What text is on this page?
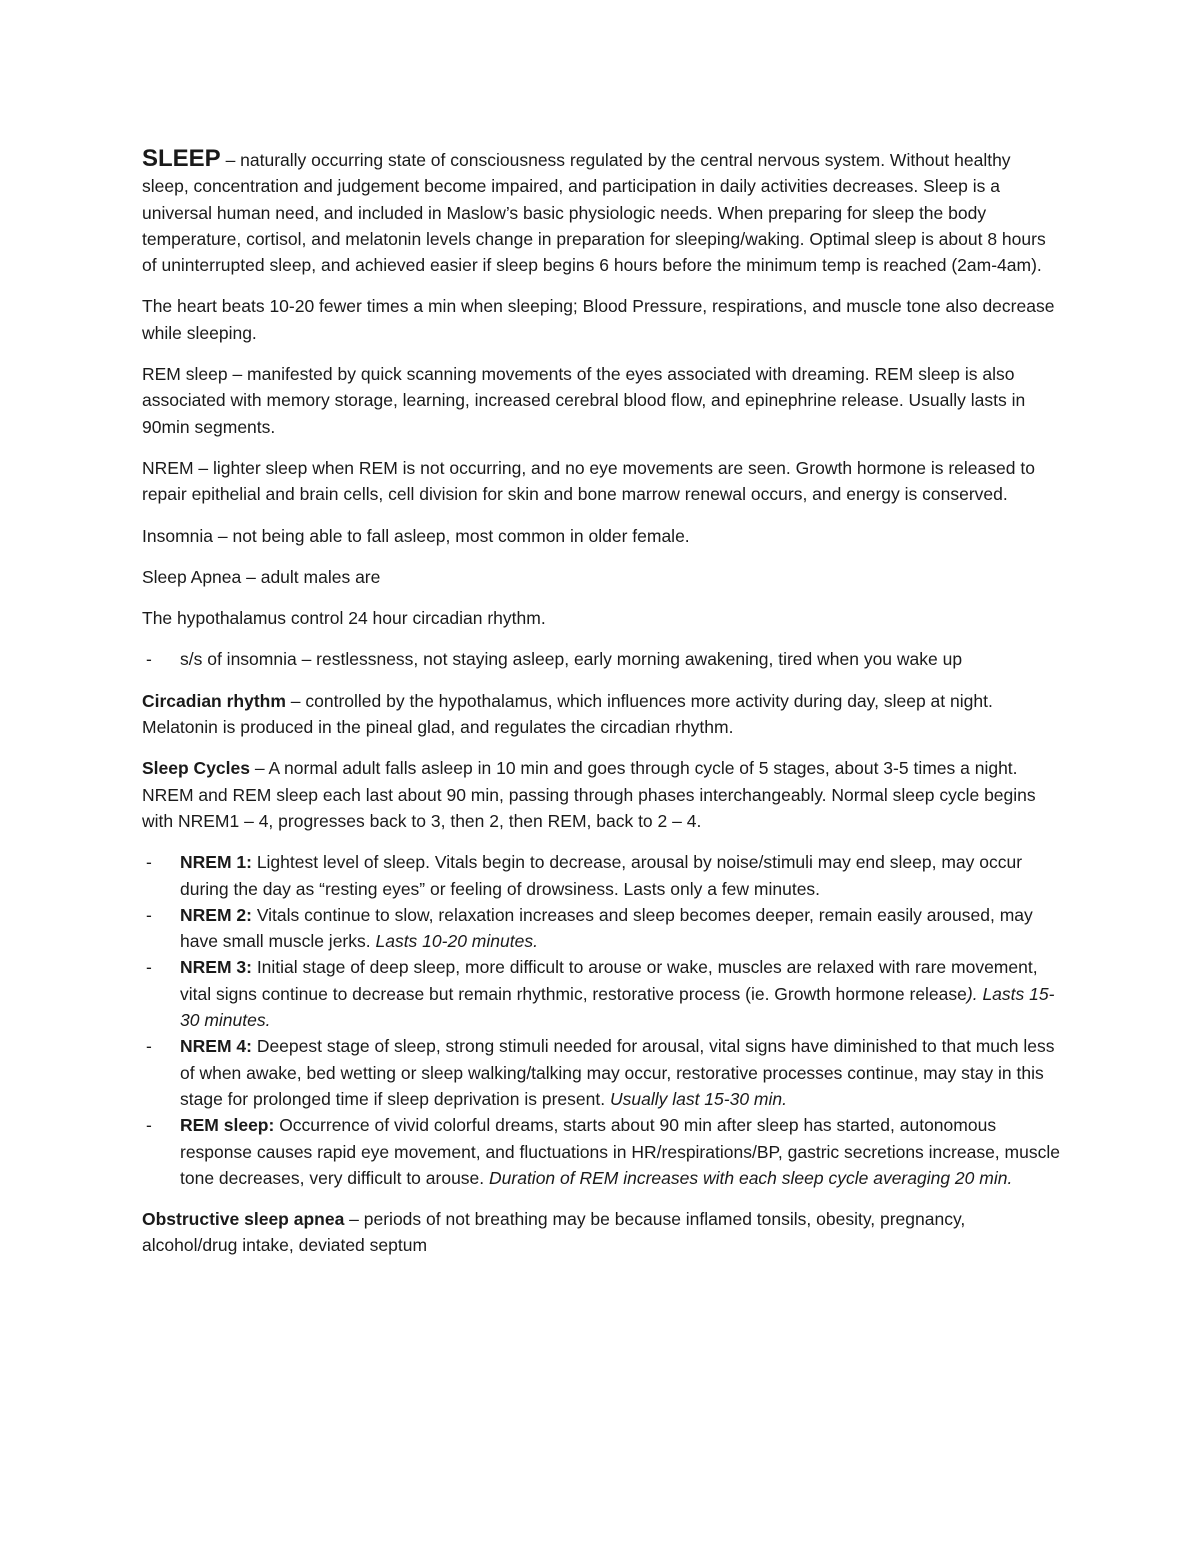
SLEEP – naturally occurring state of consciousness regulated by the central nervous system. Without healthy sleep, concentration and judgement become impaired, and participation in daily activities decreases. Sleep is a universal human need, and included in Maslow’s basic physiologic needs. When preparing for sleep the body temperature, cortisol, and melatonin levels change in preparation for sleeping/waking. Optimal sleep is about 8 hours of uninterrupted sleep, and achieved easier if sleep begins 6 hours before the minimum temp is reached (2am-4am).

The heart beats 10-20 fewer times a min when sleeping; Blood Pressure, respirations, and muscle tone also decrease while sleeping.

REM sleep – manifested by quick scanning movements of the eyes associated with dreaming. REM sleep is also associated with memory storage, learning, increased cerebral blood flow, and epinephrine release. Usually lasts in 90min segments.

NREM – lighter sleep when REM is not occurring, and no eye movements are seen. Growth hormone is released to repair epithelial and brain cells, cell division for skin and bone marrow renewal occurs, and energy is conserved.

Insomnia – not being able to fall asleep, most common in older female.

Sleep Apnea – adult males are

The hypothalamus control 24 hour circadian rhythm.

- s/s of insomnia – restlessness, not staying asleep, early morning awakening, tired when you wake up

Circadian rhythm – controlled by the hypothalamus, which influences more activity during day, sleep at night. Melatonin is produced in the pineal glad, and regulates the circadian rhythm.

Sleep Cycles – A normal adult falls asleep in 10 min and goes through cycle of 5 stages, about 3-5 times a night. NREM and REM sleep each last about 90 min, passing through phases interchangeably. Normal sleep cycle begins with NREM1 – 4, progresses back to 3, then 2, then REM, back to 2 – 4.

- NREM 1: Lightest level of sleep. Vitals begin to decrease, arousal by noise/stimuli may end sleep, may occur during the day as “resting eyes” or feeling of drowsiness. Lasts only a few minutes.
- NREM 2: Vitals continue to slow, relaxation increases and sleep becomes deeper, remain easily aroused, may have small muscle jerks. Lasts 10-20 minutes.
- NREM 3: Initial stage of deep sleep, more difficult to arouse or wake, muscles are relaxed with rare movement, vital signs continue to decrease but remain rhythmic, restorative process (ie. Growth hormone release). Lasts 15-30 minutes.
- NREM 4: Deepest stage of sleep, strong stimuli needed for arousal, vital signs have diminished to that much less of when awake, bed wetting or sleep walking/talking may occur, restorative processes continue, may stay in this stage for prolonged time if sleep deprivation is present. Usually last 15-30 min.
- REM sleep: Occurrence of vivid colorful dreams, starts about 90 min after sleep has started, autonomous response causes rapid eye movement, and fluctuations in HR/respirations/BP, gastric secretions increase, muscle tone decreases, very difficult to arouse. Duration of REM increases with each sleep cycle averaging 20 min.

Obstructive sleep apnea – periods of not breathing may be because inflamed tonsils, obesity, pregnancy, alcohol/drug intake, deviated septum
